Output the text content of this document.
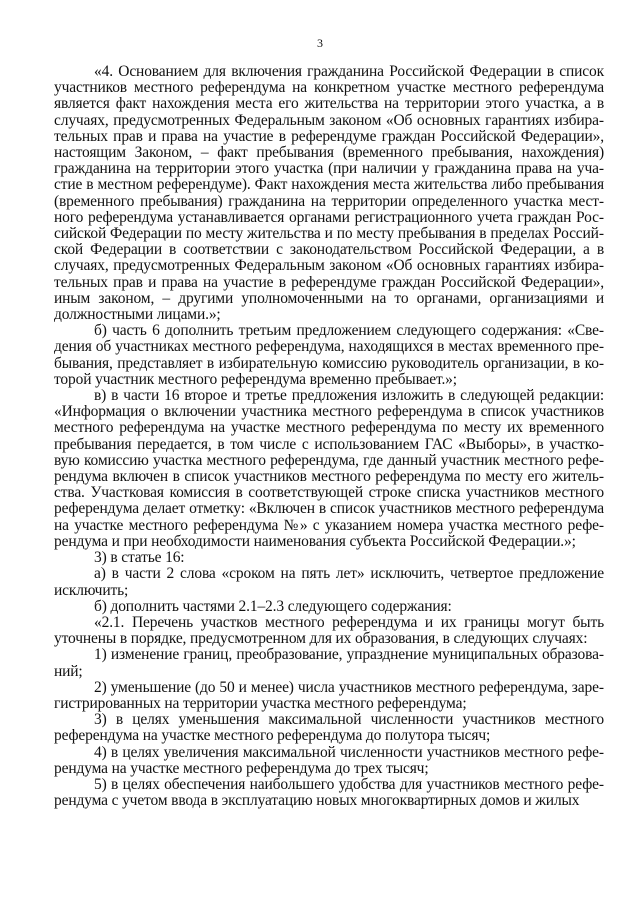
3

«4. Основанием для включения гражданина Российской Федерации в список участников местного референдума на конкретном участке местного референдума является факт нахождения места его жительства на территории этого участка, а в случаях, предусмотренных Федеральным законом «Об основных гарантиях избирательных прав и права на участие в референдуме граждан Российской Федерации», настоящим Законом, – факт пребывания (временного пребывания, нахождения) гражданина на территории этого участка (при наличии у гражданина права на участие в местном референдуме). Факт нахождения места жительства либо пребывания (временного пребывания) гражданина на территории определенного участка местного референдума устанавливается органами регистрационного учета граждан Российской Федерации по месту жительства и по месту пребывания в пределах Российской Федерации в соответствии с законодательством Российской Федерации, а в случаях, предусмотренных Федеральным законом «Об основных гарантиях избирательных прав и права на участие в референдуме граждан Российской Федерации», иным законом, – другими уполномоченными на то органами, организациями и должностными лицами.»;

б) часть 6 дополнить третьим предложением следующего содержания: «Сведения об участниках местного референдума, находящихся в местах временного пребывания, представляет в избирательную комиссию руководитель организации, в которой участник местного референдума временно пребывает.»;

в) в части 16 второе и третье предложения изложить в следующей редакции: «Информация о включении участника местного референдума в список участников местного референдума на участке местного референдума по месту их временного пребывания передается, в том числе с использованием ГАС «Выборы», в участковую комиссию участка местного референдума, где данный участник местного референдума включен в список участников местного референдума по месту его жительства. Участковая комиссия в соответствующей строке списка участников местного референдума делает отметку: «Включен в список участников местного референдума на участке местного референдума №» с указанием номера участка местного референдума и при необходимости наименования субъекта Российской Федерации.»;

3) в статье 16:

а) в части 2 слова «сроком на пять лет» исключить, четвертое предложение исключить;

б) дополнить частями 2.1–2.3 следующего содержания:

«2.1. Перечень участков местного референдума и их границы могут быть уточнены в порядке, предусмотренном для их образования, в следующих случаях:

1) изменение границ, преобразование, упразднение муниципальных образований;

2) уменьшение (до 50 и менее) числа участников местного референдума, зарегистрированных на территории участка местного референдума;

3) в целях уменьшения максимальной численности участников местного референдума на участке местного референдума до полутора тысяч;

4) в целях увеличения максимальной численности участников местного референдума на участке местного референдума до трех тысяч;

5) в целях обеспечения наибольшего удобства для участников местного референдума с учетом ввода в эксплуатацию новых многоквартирных домов и жилых
